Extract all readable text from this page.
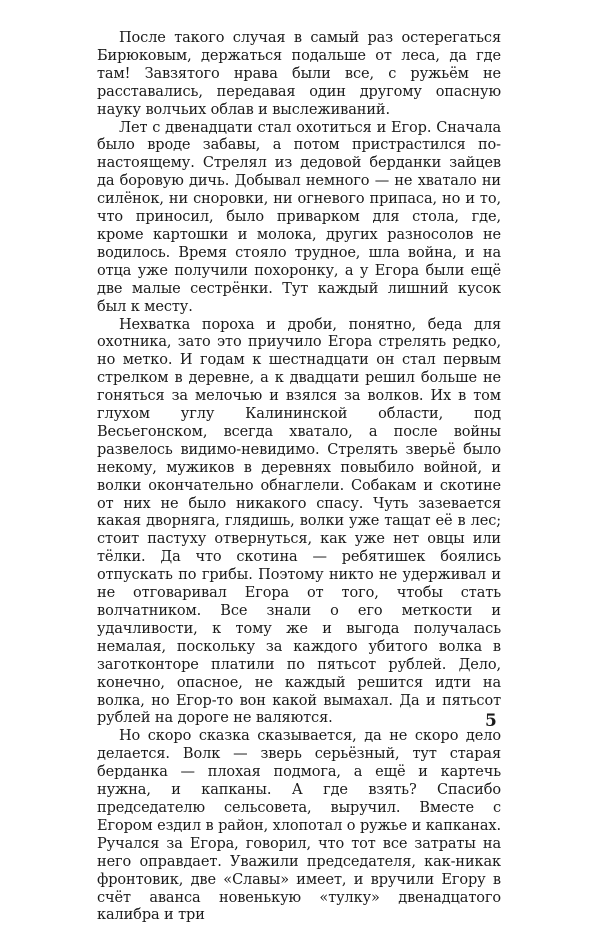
После такого случая в самый раз остерегаться Бирюковым, держаться подальше от леса, да где там! Завзятого нрава были все, с ружьём не расставались, передавая один другому опасную науку волчьих облав и выслеживаний.

Лет с двенадцати стал охотиться и Егор. Сначала было вроде забавы, а потом пристрастился по-настоящему. Стрелял из дедовой берданки зайцев да боровую дичь. Добывал немного — не хватало ни силёнок, ни сноровки, ни огневого припаса, но и то, что приносил, было приварком для стола, где, кроме картошки и молока, других разносолов не водилось. Время стояло трудное, шла война, и на отца уже получили похоронку, а у Егора были ещё две малые сестрёнки. Тут каждый лишний кусок был к месту.

Нехватка пороха и дроби, понятно, беда для охотника, зато это приучило Егора стрелять редко, но метко. И годам к шестнадцати он стал первым стрелком в деревне, а к двадцати решил больше не гоняться за мелочью и взялся за волков. Их в том глухом углу Калининской области, под Весьегонском, всегда хватало, а после войны развелось видимо-невидимо. Стрелять зверьё было некому, мужиков в деревнях повыбило войной, и волки окончательно обнаглели. Собакам и скотине от них не было никакого спасу. Чуть зазевается какая дворняга, глядишь, волки уже тащат её в лес; стоит пастуху отвернуться, как уже нет овцы или тёлки. Да что скотина — ребятишек боялись отпускать по грибы. Поэтому никто не удерживал и не отговаривал Егора от того, чтобы стать волчатником. Все знали о его меткости и удачливости, к тому же и выгода получалась немалая, поскольку за каждого убитого волка в заготконторе платили по пятьсот рублей. Дело, конечно, опасное, не каждый решится идти на волка, но Егор-то вон какой вымахал. Да и пятьсот рублей на дороге не валяются.

Но скоро сказка сказывается, да не скоро дело делается. Волк — зверь серьёзный, тут старая берданка — плохая подмога, а ещё и картечь нужна, и капканы. А где взять? Спасибо председателю сельсовета, выручил. Вместе с Егором ездил в район, хлопотал о ружье и капканах. Ручался за Егора, говорил, что тот все затраты на него оправдает. Уважили председателя, как-никак фронтовик, две «Славы» имеет, и вручили Егору в счёт аванса новенькую «тулку» двенадцатого калибра и три

5
